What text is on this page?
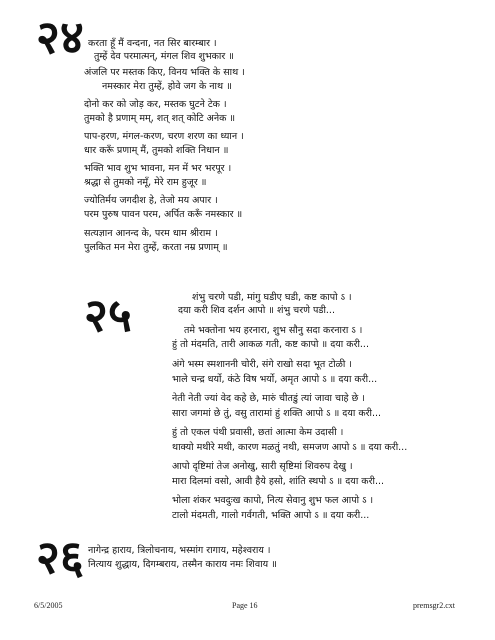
२४ करता हूँ मैं वन्दना, नत सिर बारम्बार ।
तुम्हें देव परमात्मन्, मंगल शिव शुभकार ॥
अंजलि पर मस्तक किए, विनय भक्ति के साथ ।
नमस्कार मेरा तुम्हें, होवे जग के नाथ ॥
दोनो कर को जोड़ कर, मस्तक घुटने टेक ।
तुमको है प्रणाम् मम्, शत् शत् कोटि अनेक ॥
पाप-हरण, मंगल-करण, चरण शरण का ध्यान ।
धार करूँ प्रणाम् मैं, तुमको शक्ति निधान ॥
भक्ति भाव शुभ भावना, मन में भर भरपूर ।
श्रद्धा से तुमको नमूँ, मेरे राम हुजूर ॥
ज्योतिर्मय जगदीश हे, तेजो मय अपार ।
परम पुरुष पावन परम, अर्पित करूँ नमस्कार ॥
सत्यज्ञान आनन्द के, परम धाम श्रीराम ।
पुलकित मन मेरा तुम्हें, करता नम्र प्रणाम् ॥
२५	शंभु चरणे पडी, मांगु घडीए घडी, कष्ट कापो ऽ ।
दया करी शिव दर्शन आपो ॥ शंभु चरणे पडी...
तमे भक्तोना भय हरनारा, शुभ सौनु सदा करनारा ऽ ।
हुं तो मंदमति, तारी आकळ गती, कष्ट कापो ॥ दया करी...
अंगे भस्म स्मशाननी चोरी, संगे राखो सदा भूत टोळी ।
भाले चन्द्र धर्यो, कंठे विष भर्यो, अमृत आपो ऽ ॥ दया करी...
नेती नेती ज्यां वेद कहे छे, मारुं चीतडुं त्यां जावा चाहे छे ।
सारा जगमां छे तुं, वसु तारामां हुं शक्ति आपो ऽ ॥ दया करी...
हुं तो एकल पंथी प्रवासी, छतां आत्मा केम उदासी ।
थाक्यो मथीरे मथी, कारण मळतुं नथी, समजण आपो ऽ ॥ दया करी...
आपो दृष्टिमां तेज अनोखु, सारी सृष्टिमां शिवरुप देखु ।
मारा दिलमां वसो, आवी हैये हसो, शांति स्थपो ऽ ॥ दया करी...
भोला शंकर भवदुःख कापो, नित्य सेवानु शुभ फल आपो ऽ ।
टालो मंदमती, गालो गर्वगती, भक्ति आपो ऽ ॥ दया करी...
२६ नागेन्द्र हाराय, त्रिलोचनाय, भस्मांग रागाय, महेश्वराय ।
नित्याय शुद्धाय, दिगम्बराय, तस्मैन काराय नमः शिवाय ॥
6/5/2005	Page 16	premsgr2.cxt
